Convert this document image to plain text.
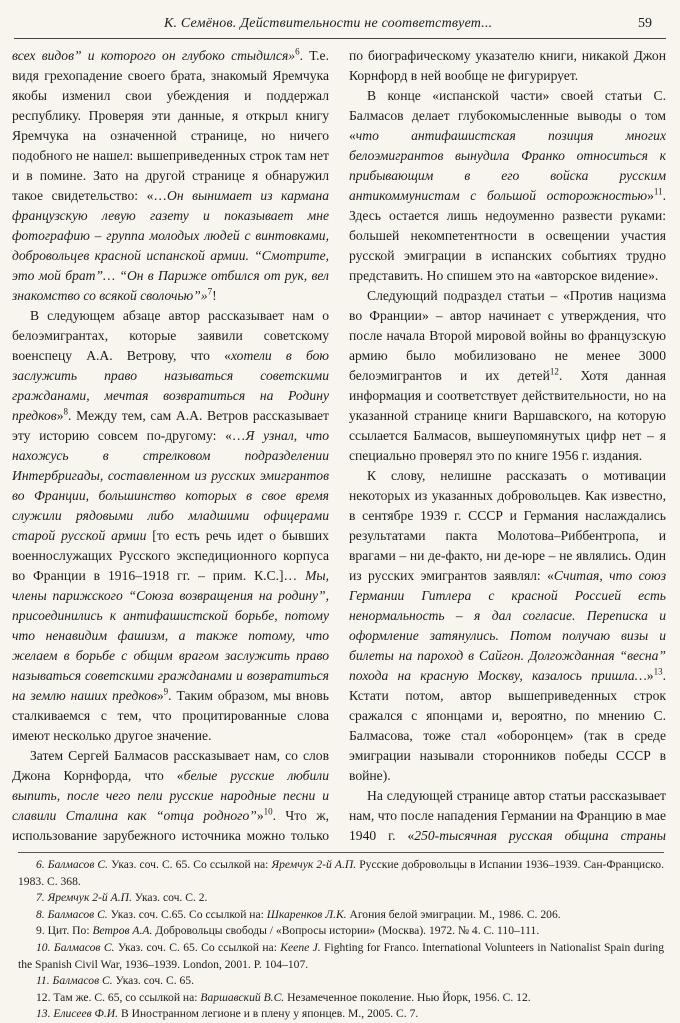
К. Семёнов. Действительности не соответствует...	59

всех видов” и которого он глубоко стыдился»$^6$. Т.е. видя грехопадение своего брата, знакомый Яремчука якобы изменил свои убеждения и поддержал республику. Проверяя эти данные, я открыл книгу Яремчука на означенной странице, но ничего подобного не нашел: вышеприведенных строк там нет и в помине. Зато на другой странице я обнаружил такое свидетельство: «…Он вынимает из кармана французскую левую газету и показывает мне фотографию – группа молодых людей с винтовками, добровольцев красной испанской армии. “Смотрите, это мой брат”… “Он в Париже отбился от рук, вел знакомство со всякой сволочью”»$^7$!

В следующем абзаце автор рассказывает нам о белоэмигрантах, которые заявили советскому военспецу А.А. Ветрову, что «хотели в бою заслужить право называться советскими гражданами, мечтая возвратиться на Родину предков»$^8$. Между тем, сам А.А. Ветров рассказывает эту историю совсем по-другому: «…Я узнал, что нахожусь в стрелковом подразделении Интербригады, составленном из русских эмигрантов во Франции, большинство которых в свое время служили рядовыми либо младшими офицерами старой русской армии [то есть речь идет о бывших военнослужащих Русского экспедиционного корпуса во Франции в 1916–1918 гг. – прим. К.С.]… Мы, члены парижского “Союза возвращения на родину”, присоединились к антифашистской борьбе, потому что ненавидим фашизм, а также потому, что желаем в борьбе с общим врагом заслужить право называться советскими гражданами и возвратиться на землю наших предков»$^9$. Таким образом, мы вновь сталкиваемся с тем, что процитированные слова имеют несколько другое значение.

Затем Сергей Балмасов рассказывает нам, со слов Джона Корнфорда, что «белые русские любили выпить, после чего пели русские народные песни и славили Сталина как “отца родного”»$^{10}$. Что ж, использование зарубежного источника можно только

по биографическому указателю книги, никакой Джон Корнфорд в ней вообще не фигурирует.

В конце «испанской части» своей статьи С. Балмасов делает глубокомысленные выводы о том «что антифашистская позиция многих белоэмигрантов вынудила Франко относиться к прибывающим в его войска русским антикоммунистам с большой осторожностью»$^{11}$. Здесь остается лишь недоуменно развести руками: большей некомпетентности в освещении участия русской эмиграции в испанских событиях трудно представить. Но спишем это на «авторское видение».

Следующий подраздел статьи – «Против нацизма во Франции» – автор начинает с утверждения, что после начала Второй мировой войны во французскую армию было мобилизовано не менее 3000 белоэмигрантов и их детей$^{12}$. Хотя данная информация и соответствует действительности, но на указанной странице книги Варшавского, на которую ссылается Балмасов, вышеупомянутых цифр нет – я специально проверял это по книге 1956 г. издания.

К слову, нелишне рассказать о мотивации некоторых из указанных добровольцев. Как известно, в сентябре 1939 г. СССР и Германия наслаждались результатами пакта Молотова–Риббентропа, и врагами – ни де-факто, ни де-юре – не являлись. Один из русских эмигрантов заявлял: «Считая, что союз Германии Гитлера с красной Россией есть ненормальность – я дал согласие. Переписка и оформление затянулись. Потом получаю визы и билеты на пароход в Сайгон. Долгожданная “весна” похода на красную Москву, казалось пришла…»$^{13}$. Кстати потом, автор вышеприведенных строк сражался с японцами и, вероятно, по мнению С. Балмасова, тоже стал «оборонцем» (так в среде эмиграции называли сторонников победы СССР в войне).

На следующей странице автор статьи рассказывает нам, что после нападения Германии на Францию в мае 1940 г. «250-тысячная русская община страны

6. Балмасов С. Указ. соч. С. 65. Со ссылкой на: Яремчук 2-й А.П. Русские добровольцы в Испании 1936–1939. Сан-Франциско. 1983. С. 368.

7. Яремчук 2-й А.П. Указ. соч. С. 2.

8. Балмасов С. Указ. соч. С.65. Со ссылкой на: Шкаренков Л.К. Агония белой эмиграции. М., 1986. С. 206.

9. Цит. По: Ветров А.А. Добровольцы свободы / «Вопросы истории» (Москва). 1972. № 4. С. 110–111.

10. Балмасов С. Указ. соч. С. 65. Со ссылкой на: Keene J. Fighting for Franco. International Volunteers in Nationalist Spain during the Spanish Civil War, 1936–1939. London, 2001. P. 104–107.

11. Балмасов С. Указ. соч. С. 65.

12. Там же. С. 65, со ссылкой на: Варшавский В.С. Незамеченное поколение. Нью Йорк, 1956. С. 12.

13. Елисеев Ф.И. В Иностранном легионе и в плену у японцев. М., 2005. С. 7.
